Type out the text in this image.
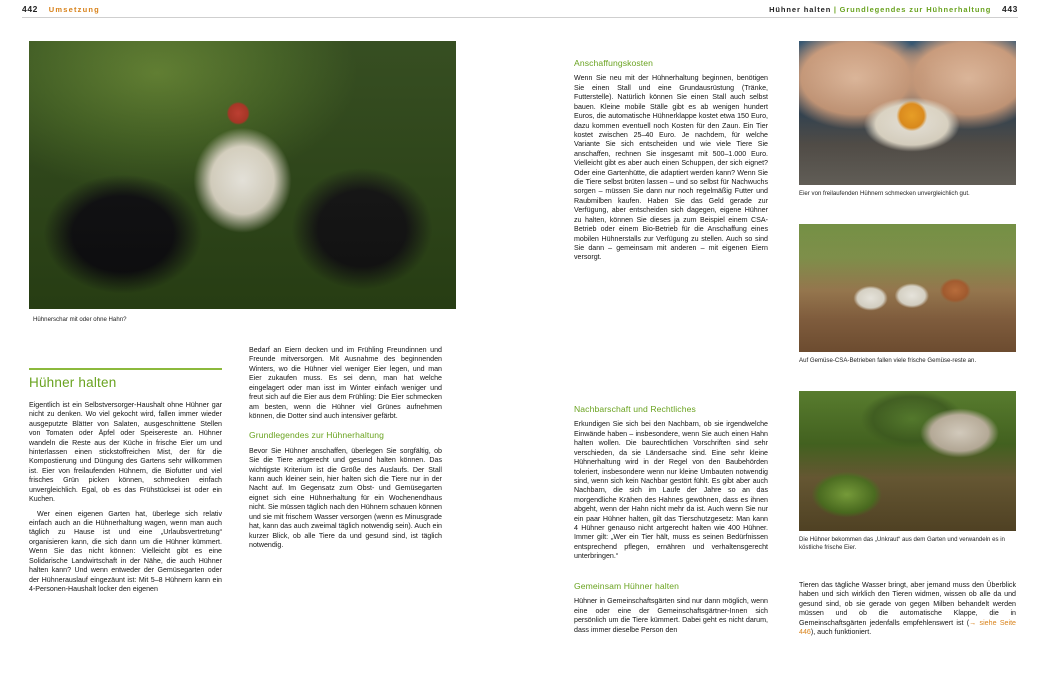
442 Umsetzung	Hühner halten | Grundlegendes zur Hühnerhaltung 443
Hühnerschar mit oder ohne Hahn?
Eier von freilaufenden Hühnern schmecken unvergleichlich gut.
Auf Gemüse-CSA-Betrieben fallen viele frische Gemüse-reste an.
Die Hühner bekommen das „Unkraut“ aus dem Garten und verwandeln es in köstliche frische Eier.
Hühner halten

Eigentlich ist ein Selbstversorger-Haushalt ohne Hühner gar nicht zu denken. Wo viel gekocht wird, fallen immer wieder ausgeputzte Blätter von Salaten, ausgeschnittene Stellen von Tomaten oder Äpfel oder Speisereste an. Hühner wandeln die Reste aus der Küche in frische Eier um und hinterlassen einen stickstoffreichen Mist, der für die Kompostierung und Düngung des Gartens sehr willkommen ist. Eier von freilaufenden Hühnern, die Biofutter und viel frisches Grün picken können, schmecken einfach unvergleichlich. Egal, ob es das Frühstücksei ist oder ein Kuchen.

Wer einen eigenen Garten hat, überlege sich relativ einfach auch an die Hühnerhaltung wagen, wenn man auch täglich zu Hause ist und eine „Urlaubsvertretung“ organisieren kann, die sich dann um die Hühner kümmert. Wenn Sie das nicht können: Vielleicht gibt es eine Solidarische Landwirtschaft in der Nähe, die auch Hühner halten kann? Und wenn entweder der Gemüsegarten oder der Hühnerauslauf eingezäunt ist: Mit 5–8 Hühnern kann ein 4-Personen-Haushalt locker den eigenen

Bedarf an Eiern decken und im Frühling Freundinnen und Freunde mitversorgen. Mit Ausnahme des beginnenden Winters, wo die Hühner viel weniger Eier legen, und man Eier zukaufen muss. Es sei denn, man hat welche eingelagert oder man isst im Winter einfach weniger und freut sich auf die Eier aus dem Frühling: Die Eier schmecken am besten, wenn die Hühner viel Grünes aufnehmen können, die Dotter sind auch intensiver gefärbt.

Grundlegendes zur Hühnerhaltung

Bevor Sie Hühner anschaffen, überlegen Sie sorgfältig, ob Sie die Tiere artgerecht und gesund halten können. Das wichtigste Kriterium ist die Größe des Auslaufs. Der Stall kann auch kleiner sein, hier halten sich die Tiere nur in der Nacht auf. Im Gegensatz zum Obst- und Gemüsegarten eignet sich eine Hühnerhaltung für ein Wochenendhaus nicht. Sie müssen täglich nach den Hühnern schauen können und sie mit frischem Wasser versorgen (wenn es Minusgrade hat, kann das auch zweimal täglich notwendig sein). Auch ein kurzer Blick, ob alle Tiere da und gesund sind, ist täglich notwendig.

Anschaffungskosten

Wenn Sie neu mit der Hühnerhaltung beginnen, benötigen Sie einen Stall und eine Grundausrüstung (Tränke, Futterstelle). Natürlich können Sie einen Stall auch selbst bauen. Kleine mobile Ställe gibt es ab wenigen hundert Euros, die automatische Hühnerklappe kostet etwa 150 Euro, dazu kommen eventuell noch Kosten für den Zaun. Ein Tier kostet zwischen 25–40 Euro. Je nachdem, für welche Variante Sie sich entscheiden und wie viele Tiere Sie anschaffen, rechnen Sie insgesamt mit 500–1.000 Euro. Vielleicht gibt es aber auch einen Schuppen, der sich eignet? Oder eine Gartenhütte, die adaptiert werden kann? Wenn Sie die Tiere selbst brüten lassen – und so selbst für Nachwuchs sorgen – müssen Sie dann nur noch regelmäßig Futter und Raubmilben kaufen. Haben Sie das Geld gerade zur Verfügung, aber entscheiden sich dagegen, eigene Hühner zu halten, können Sie dieses ja zum Beispiel einem CSA-Betrieb oder einem Bio-Betrieb für die Anschaffung eines mobilen Hühnerstalls zur Verfügung zu stellen. Auch so sind Sie dann – gemeinsam mit anderen – mit eigenen Eiern versorgt.

Nachbarschaft und Rechtliches

Erkundigen Sie sich bei den Nachbarn, ob sie irgendwelche Einwände haben – insbesondere, wenn Sie auch einen Hahn halten wollen. Die baurechtlichen Vorschriften sind sehr verschieden, da sie Ländersache sind. Eine sehr kleine Hühnerhaltung wird in der Regel von den Baubehörden toleriert, insbesondere wenn nur kleine Umbauten notwendig sind, wenn sich kein Nachbar gestört fühlt. Es gibt aber auch Nachbarn, die sich im Laufe der Jahre so an das morgendliche Krähen des Hahnes gewöhnen, dass es ihnen abgeht, wenn der Hahn nicht mehr da ist. Auch wenn Sie nur ein paar Hühner halten, gilt das Tierschutzgesetz: Man kann 4 Hühner genauso nicht artgerecht halten wie 400 Hühner. Immer gilt: „Wer ein Tier hält, muss es seinen Bedürfnissen entsprechend pflegen, ernähren und verhaltensgerecht unterbringen.“

Gemeinsam Hühner halten

Hühner in Gemeinschaftsgärten sind nur dann möglich, wenn eine oder eine der Gemeinschaftsgärtner-Innen sich persönlich um die Tiere kümmert. Dabei geht es nicht darum, dass immer dieselbe Person den

Tieren das tägliche Wasser bringt, aber jemand muss den Überblick haben und sich wirklich den Tieren widmen, wissen ob alle da und gesund sind, ob sie gerade von gegen Milben behandelt werden müssen und ob die automatische Klappe, die in Gemeinschaftsgärten jedenfalls empfehlenswert ist (→ siehe Seite 446), auch funktioniert.
